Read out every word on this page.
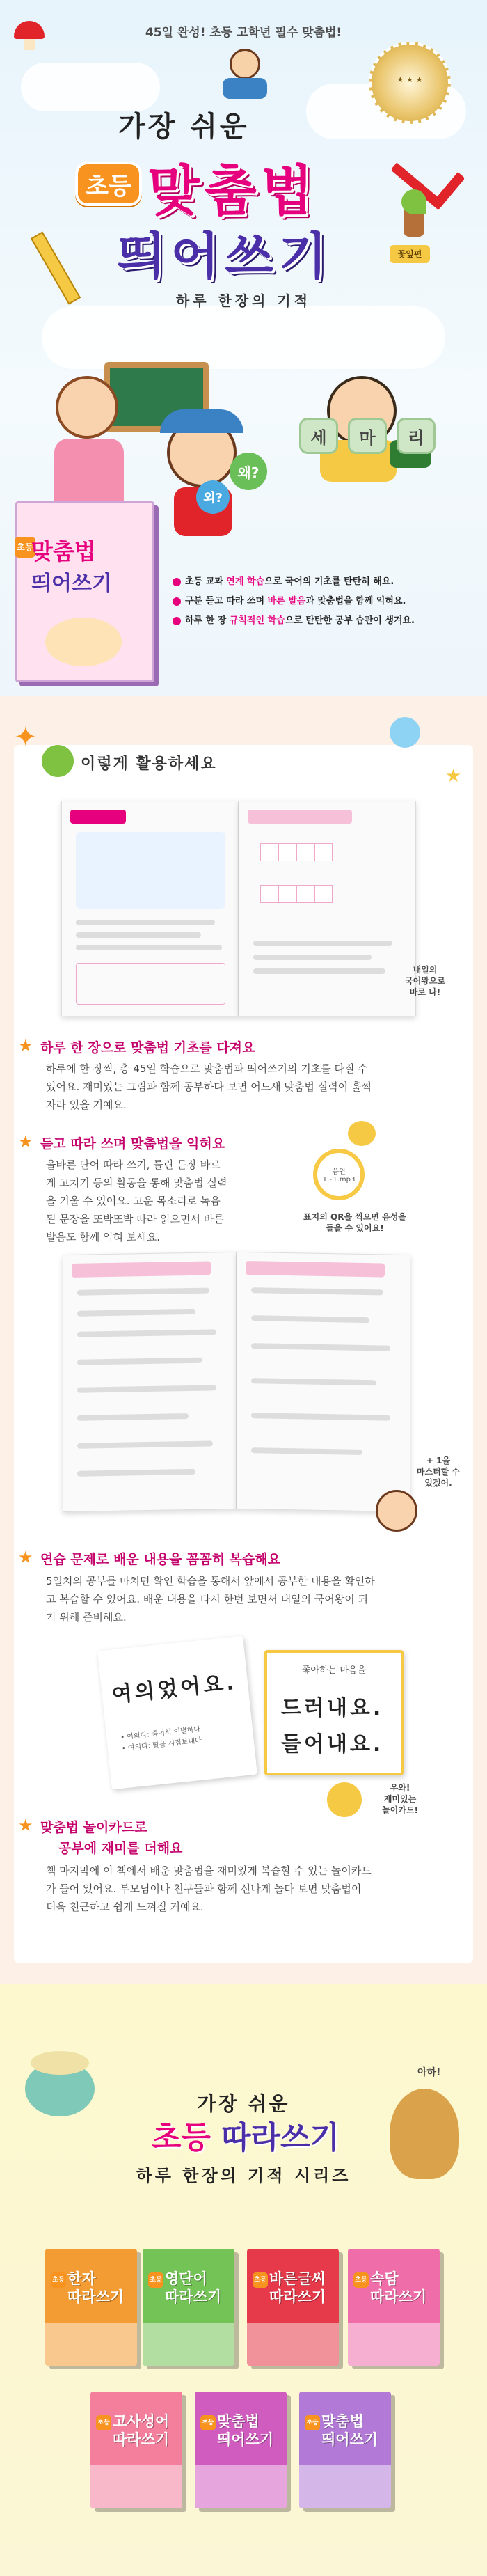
45일 완성! 초등 고학년 필수 맞춤법!
★ ★ ★
가장 쉬운
초등 맞춤법
띄어쓰기	꽃잎편
하루 한장의 기적
왜?
외?
세	마	리
초등
맞춤법
띄어쓰기	초등 교과 연계 학습으로 국어의 기초를 탄탄히 해요.
구분 듣고 따라 쓰며 바른 발음과 맞춤법을 함께 익혀요.
하루 한 장 규칙적인 학습으로 탄탄한 공부 습관이 생겨요.
✦
★
이렇게 활용하세요
내일의
국어왕으로
바로 나!
★ 하루 한 장으로 맞춤법 기초를 다져요
하루에 한 장씩, 총 45일 학습으로 맞춤법과 띄어쓰기의 기초를 다질 수
있어요. 재미있는 그림과 함께 공부하다 보면 어느새 맞춤법 실력이 훌쩍
자라 있을 거예요.
★ 듣고 따라 쓰며 맞춤법을 익혀요
올바른 단어 따라 쓰기, 틀린 문장 바르
게 고치기 등의 활동을 통해 맞춤법 실력
을 키울 수 있어요. 고운 목소리로 녹음
된 문장을 또박또박 따라 읽으면서 바른
발음도 함께 익혀 보세요.
음원
1~1.mp3
표지의 QR을 찍으면 음성을
들을 수 있어요!
+ 1을
마스터할 수
있겠어.
★ 연습 문제로 배운 내용을 꼼꼼히 복습해요
5일치의 공부를 마치면 확인 학습을 통해서 앞에서 공부한 내용을 확인하
고 복습할 수 있어요. 배운 내용을 다시 한번 보면서 내일의 국어왕이 되
기 위해 준비해요.
여의었어요.
• 여의다: 죽어서 이별하다
• 여의다: 딸을 시집보내다
좋아하는 마음을
드러내요.
들어내요.
우와!
재미있는
놀이카드!
★ 맞춤법 놀이카드로
공부에 재미를 더해요
책 마지막에 이 책에서 배운 맞춤법을 재미있게 복습할 수 있는 놀이카드
가 들어 있어요. 부모님이나 친구들과 함께 신나게 놀다 보면 맞춤법이
더욱 친근하고 쉽게 느껴질 거예요.
아하!
가장 쉬운
초등 따라쓰기
하루 한장의 기적 시리즈
초등 한자
따라쓰기
초등 영단어
따라쓰기
초등 바른글씨
따라쓰기
초등 속담
따라쓰기
초등 고사성어
따라쓰기
초등 맞춤법
띄어쓰기
초등 맞춤법
띄어쓰기
